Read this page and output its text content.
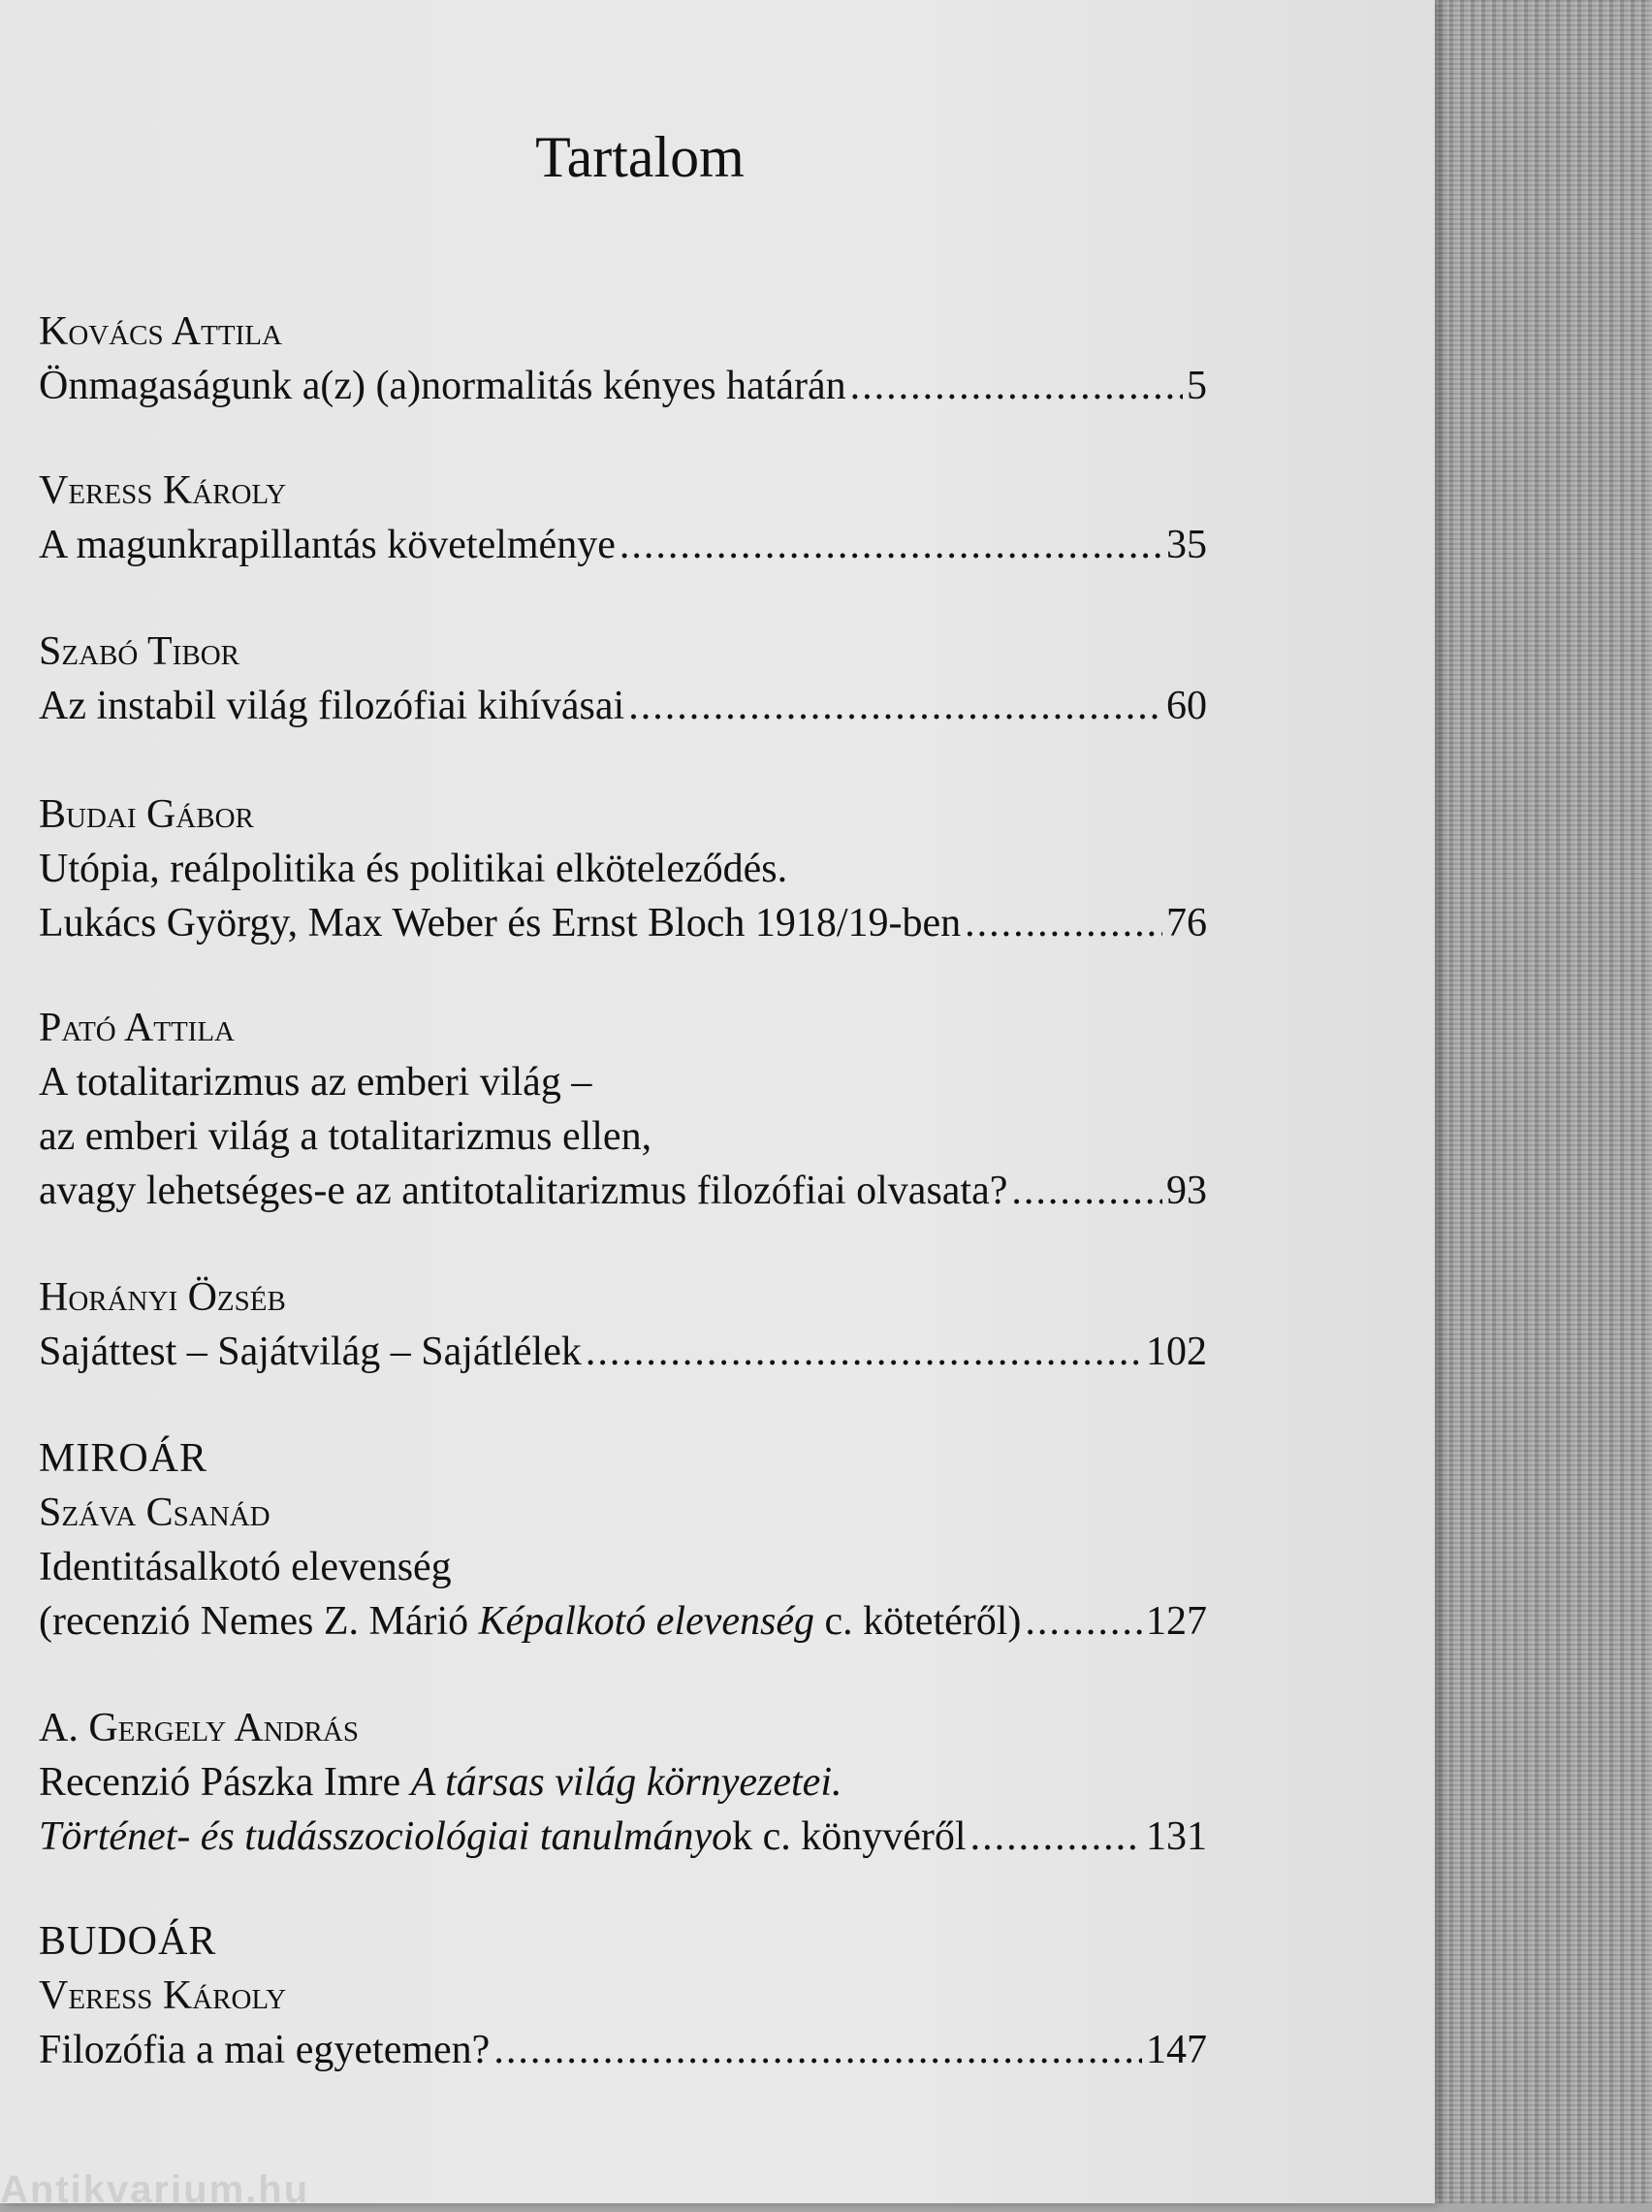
Tartalom
Kovács Attila
Önmagaságunk a(z) (a)normalitás kényes határán .....	5
Veress Károly
A magunkrapillantás követelménye .....	35
Szabó Tibor
Az instabil világ filozófiai kihívásai .....	60
Budai Gábor
Utópia, reálpolitika és politikai elköteleződés.
Lukács György, Max Weber és Ernst Bloch 1918/19-ben .....	76
Pató Attila
A totalitarizmus az emberi világ –
az emberi világ a totalitarizmus ellen,
avagy lehetséges-e az antitotalitarizmus filozófiai olvasata? .....	93
Horányi Özséb
Sajáttest – Sajátvilág – Sajátlélek .....	102
MIROÁR
Száva Csanád
Identitásalkotó elevenség
(recenzió Nemes Z. Márió Képalkotó elevenség c. kötetéről) .....	127
A. Gergely András
Recenzió Pászka Imre A társas világ környezetei.
Történet- és tudásszociológiai tanulmányok c. könyvéről .....	131
BUDOÁR
Veress Károly
Filozófia a mai egyetemen? .....	147
Antikvarium.hu
